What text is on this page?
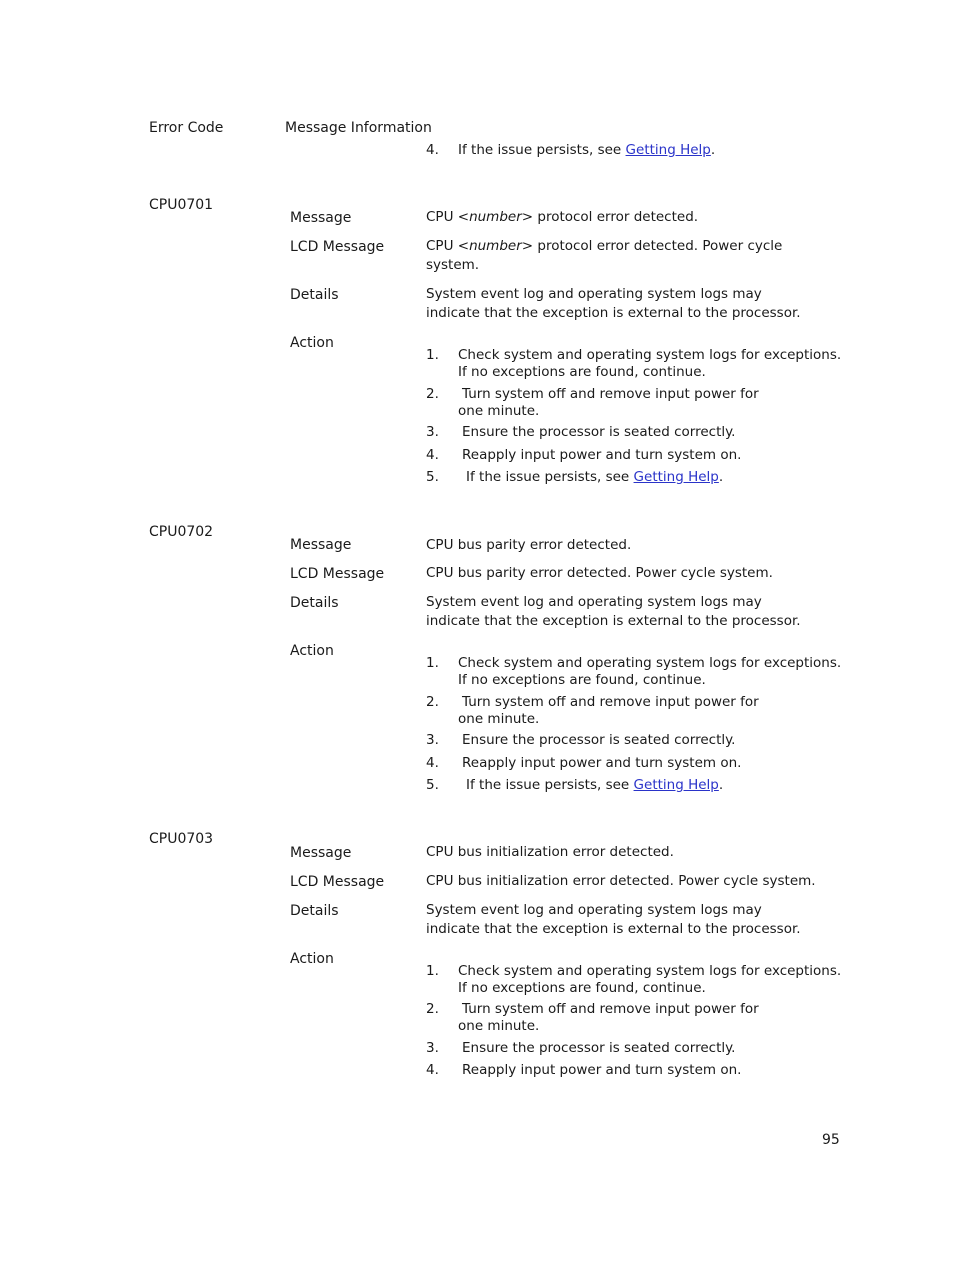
Error Code	Message Information
4. If the issue persists, see Getting Help.
CPU0701
Message	CPU <number> protocol error detected.
LCD Message	CPU <number> protocol error detected. Power cycle system.
Details	System event log and operating system logs may indicate that the exception is external to the processor.
Action
1. Check system and operating system logs for exceptions.
If no exceptions are found, continue.
2. Turn system off and remove input power for one minute.
3. Ensure the processor is seated correctly.
4. Reapply input power and turn system on.
5. If the issue persists, see Getting Help.
CPU0702
Message	CPU bus parity error detected.
LCD Message	CPU bus parity error detected. Power cycle system.
Details	System event log and operating system logs may indicate that the exception is external to the processor.
Action
1. Check system and operating system logs for exceptions.
If no exceptions are found, continue.
2. Turn system off and remove input power for one minute.
3. Ensure the processor is seated correctly.
4. Reapply input power and turn system on.
5. If the issue persists, see Getting Help.
CPU0703
Message	CPU bus initialization error detected.
LCD Message	CPU bus initialization error detected. Power cycle system.
Details	System event log and operating system logs may indicate that the exception is external to the processor.
Action
1. Check system and operating system logs for exceptions.
If no exceptions are found, continue.
2. Turn system off and remove input power for one minute.
3. Ensure the processor is seated correctly.
4. Reapply input power and turn system on.
95
